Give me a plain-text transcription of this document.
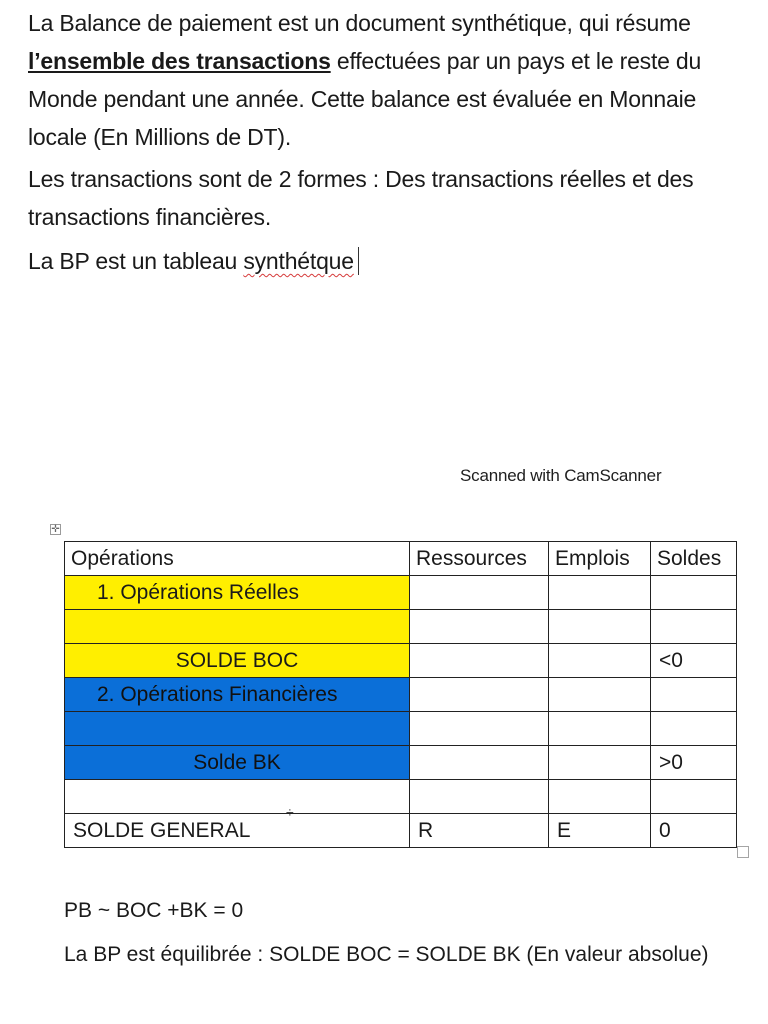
La Balance de paiement est un document synthétique, qui résume l’ensemble des transactions effectuées par un pays et le reste du Monde pendant une année. Cette balance est évaluée en Monnaie locale (En Millions de DT).

Les transactions sont de 2 formes : Des transactions réelles et des transactions financières.

La BP est un tableau synthétque

Scanned with CamScanner
✛
Opérations	Ressources	Emplois	Soldes
1. Opérations Réelles			

SOLDE BOC			<0
2. Opérations Financières			

Solde BK			>0

SOLDE GENERAL	R	E	0
÷

PB ~ BOC +BK = 0

La BP est équilibrée : SOLDE BOC = SOLDE BK (En valeur absolue)
